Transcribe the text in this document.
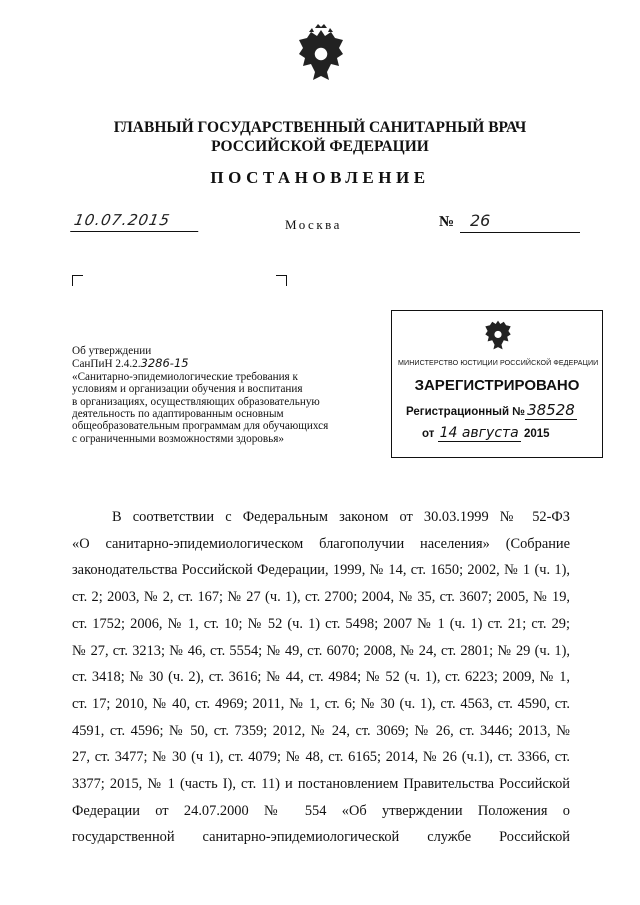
ГЛАВНЫЙ ГОСУДАРСТВЕННЫЙ САНИТАРНЫЙ ВРАЧ
РОССИЙСКОЙ ФЕДЕРАЦИИ
ПОСТАНОВЛЕНИЕ
10.07.2015	Москва	№ 26
Об утверждении
СанПиН 2.4.2.3286-15
«Санитарно-эпидемиологические требования к
условиям и организации обучения и воспитания
в организациях, осуществляющих образовательную
деятельность по адаптированным основным
общеобразовательным программам для обучающихся
с ограниченными возможностями здоровья»
МИНИСТЕРСТВО ЮСТИЦИИ РОССИЙСКОЙ ФЕДЕРАЦИИ
ЗАРЕГИСТРИРОВАНО
Регистрационный № 38528
от 14 августа 2015
В соответствии с Федеральным законом от 30.03.1999 № 52-ФЗ
«О санитарно-эпидемиологическом благополучии населения» (Собрание
законодательства Российской Федерации, 1999, № 14, ст. 1650; 2002, № 1 (ч. 1),
ст. 2; 2003, № 2, ст. 167; № 27 (ч. 1), ст. 2700; 2004, № 35, ст. 3607; 2005, № 19,
ст. 1752; 2006, № 1, ст. 10; № 52 (ч. 1) ст. 5498; 2007 № 1 (ч. 1) ст. 21; ст. 29;
№ 27, ст. 3213; № 46, ст. 5554; № 49, ст. 6070; 2008, № 24, ст. 2801; № 29 (ч. 1),
ст. 3418; № 30 (ч. 2), ст. 3616; № 44, ст. 4984; № 52 (ч. 1), ст. 6223; 2009, № 1,
ст. 17; 2010, № 40, ст. 4969; 2011, № 1, ст. 6; № 30 (ч. 1), ст. 4563, ст. 4590, ст.
4591, ст. 4596; № 50, ст. 7359; 2012, № 24, ст. 3069; № 26, ст. 3446; 2013, №
27, ст. 3477; № 30 (ч 1), ст. 4079; № 48, ст. 6165; 2014, № 26 (ч.1), ст. 3366, ст.
3377; 2015, № 1 (часть I), ст. 11) и постановлением Правительства Российской
Федерации от 24.07.2000 № 554 «Об утверждении Положения о
государственной санитарно-эпидемиологической службе Российской
